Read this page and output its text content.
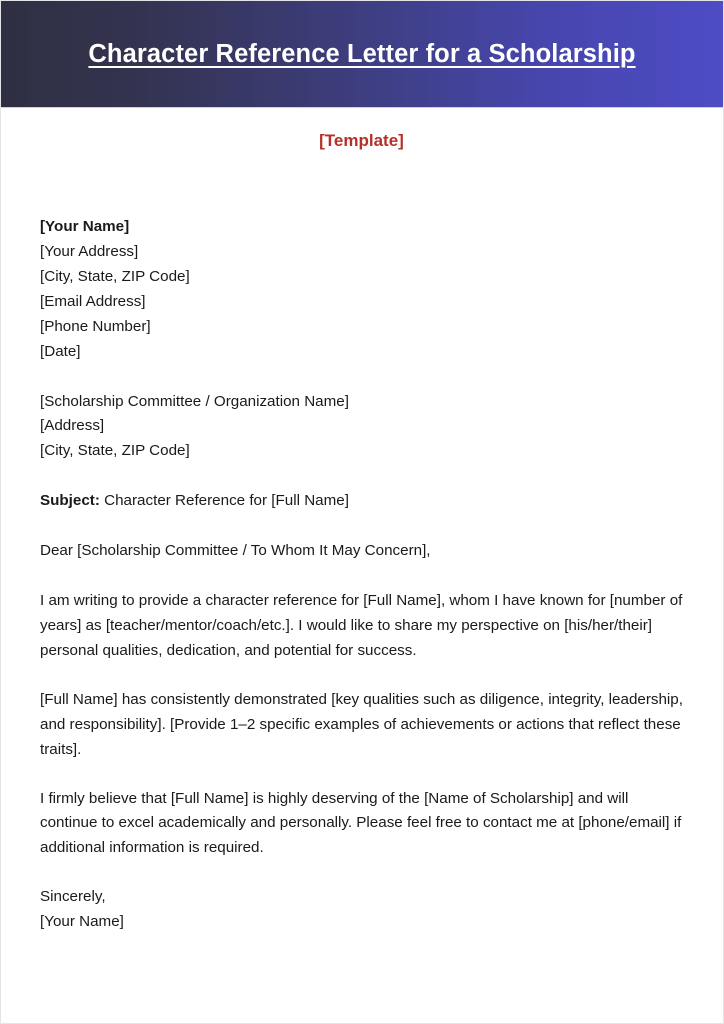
Character Reference Letter for a Scholarship
[Template]
[Your Name]
[Your Address]
[City, State, ZIP Code]
[Email Address]
[Phone Number]
[Date]
[Scholarship Committee / Organization Name]
[Address]
[City, State, ZIP Code]
Subject: Character Reference for [Full Name]
Dear [Scholarship Committee / To Whom It May Concern],

I am writing to provide a character reference for [Full Name], whom I have known for [number of years] as [teacher/mentor/coach/etc.]. I would like to share my perspective on [his/her/their] personal qualities, dedication, and potential for success.

[Full Name] has consistently demonstrated [key qualities such as diligence, integrity, leadership, and responsibility]. [Provide 1–2 specific examples of achievements or actions that reflect these traits].

I firmly believe that [Full Name] is highly deserving of the [Name of Scholarship] and will continue to excel academically and personally. Please feel free to contact me at [phone/email] if additional information is required.

Sincerely,
[Your Name]
